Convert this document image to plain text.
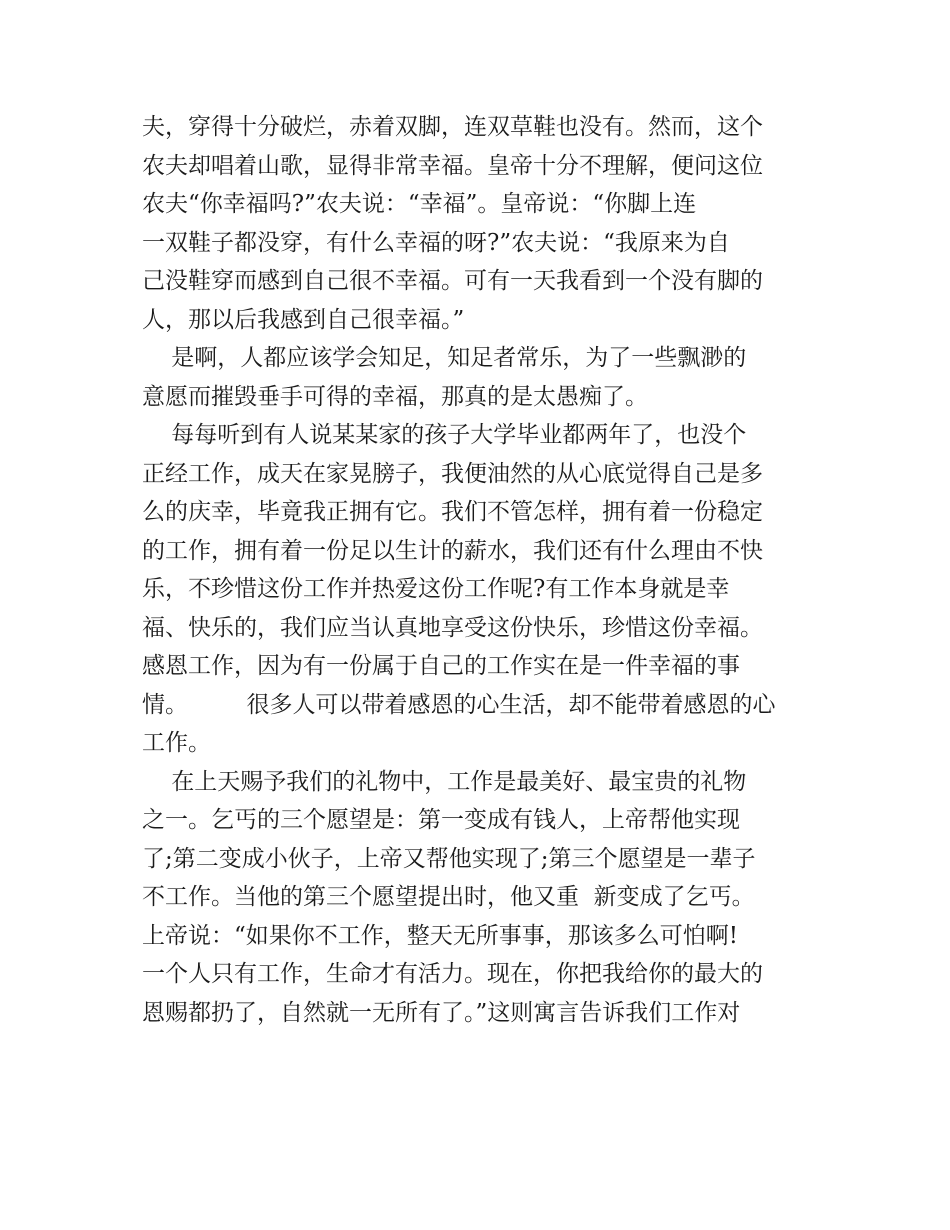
夫，穿得十分破烂，赤着双脚，连双草鞋也没有。然而，这个
农夫却唱着山歌，显得非常幸福。皇帝十分不理解，便问这位
农夫“你幸福吗?”农夫说：“幸福”。皇帝说：“你脚上连
一双鞋子都没穿，有什么幸福的呀?”农夫说：“我原来为自
己没鞋穿而感到自己很不幸福。可有一天我看到一个没有脚的
人，那以后我感到自己很幸福。”
是啊，人都应该学会知足，知足者常乐，为了一些飘渺的
意愿而摧毁垂手可得的幸福，那真的是太愚痴了。
每每听到有人说某某家的孩子大学毕业都两年了，也没个
正经工作，成天在家晃膀子，我便油然的从心底觉得自己是多
么的庆幸，毕竟我正拥有它。我们不管怎样，拥有着一份稳定
的工作，拥有着一份足以生计的薪水，我们还有什么理由不快
乐，不珍惜这份工作并热爱这份工作呢?有工作本身就是幸
福、快乐的，我们应当认真地享受这份快乐，珍惜这份幸福。
感恩工作，因为有一份属于自己的工作实在是一件幸福的事
情。        很多人可以带着感恩的心生活，却不能带着感恩的心
工作。
在上天赐予我们的礼物中，工作是最美好、最宝贵的礼物
之一。乞丐的三个愿望是：第一变成有钱人，上帝帮他实现
了;第二变成小伙子，上帝又帮他实现了;第三个愿望是一辈子
不工作。当他的第三个愿望提出时，他又重  新变成了乞丐。
上帝说：“如果你不工作，整天无所事事，那该多么可怕啊!
一个人只有工作，生命才有活力。现在，你把我给你的最大的
恩赐都扔了，自然就一无所有了。”这则寓言告诉我们工作对
